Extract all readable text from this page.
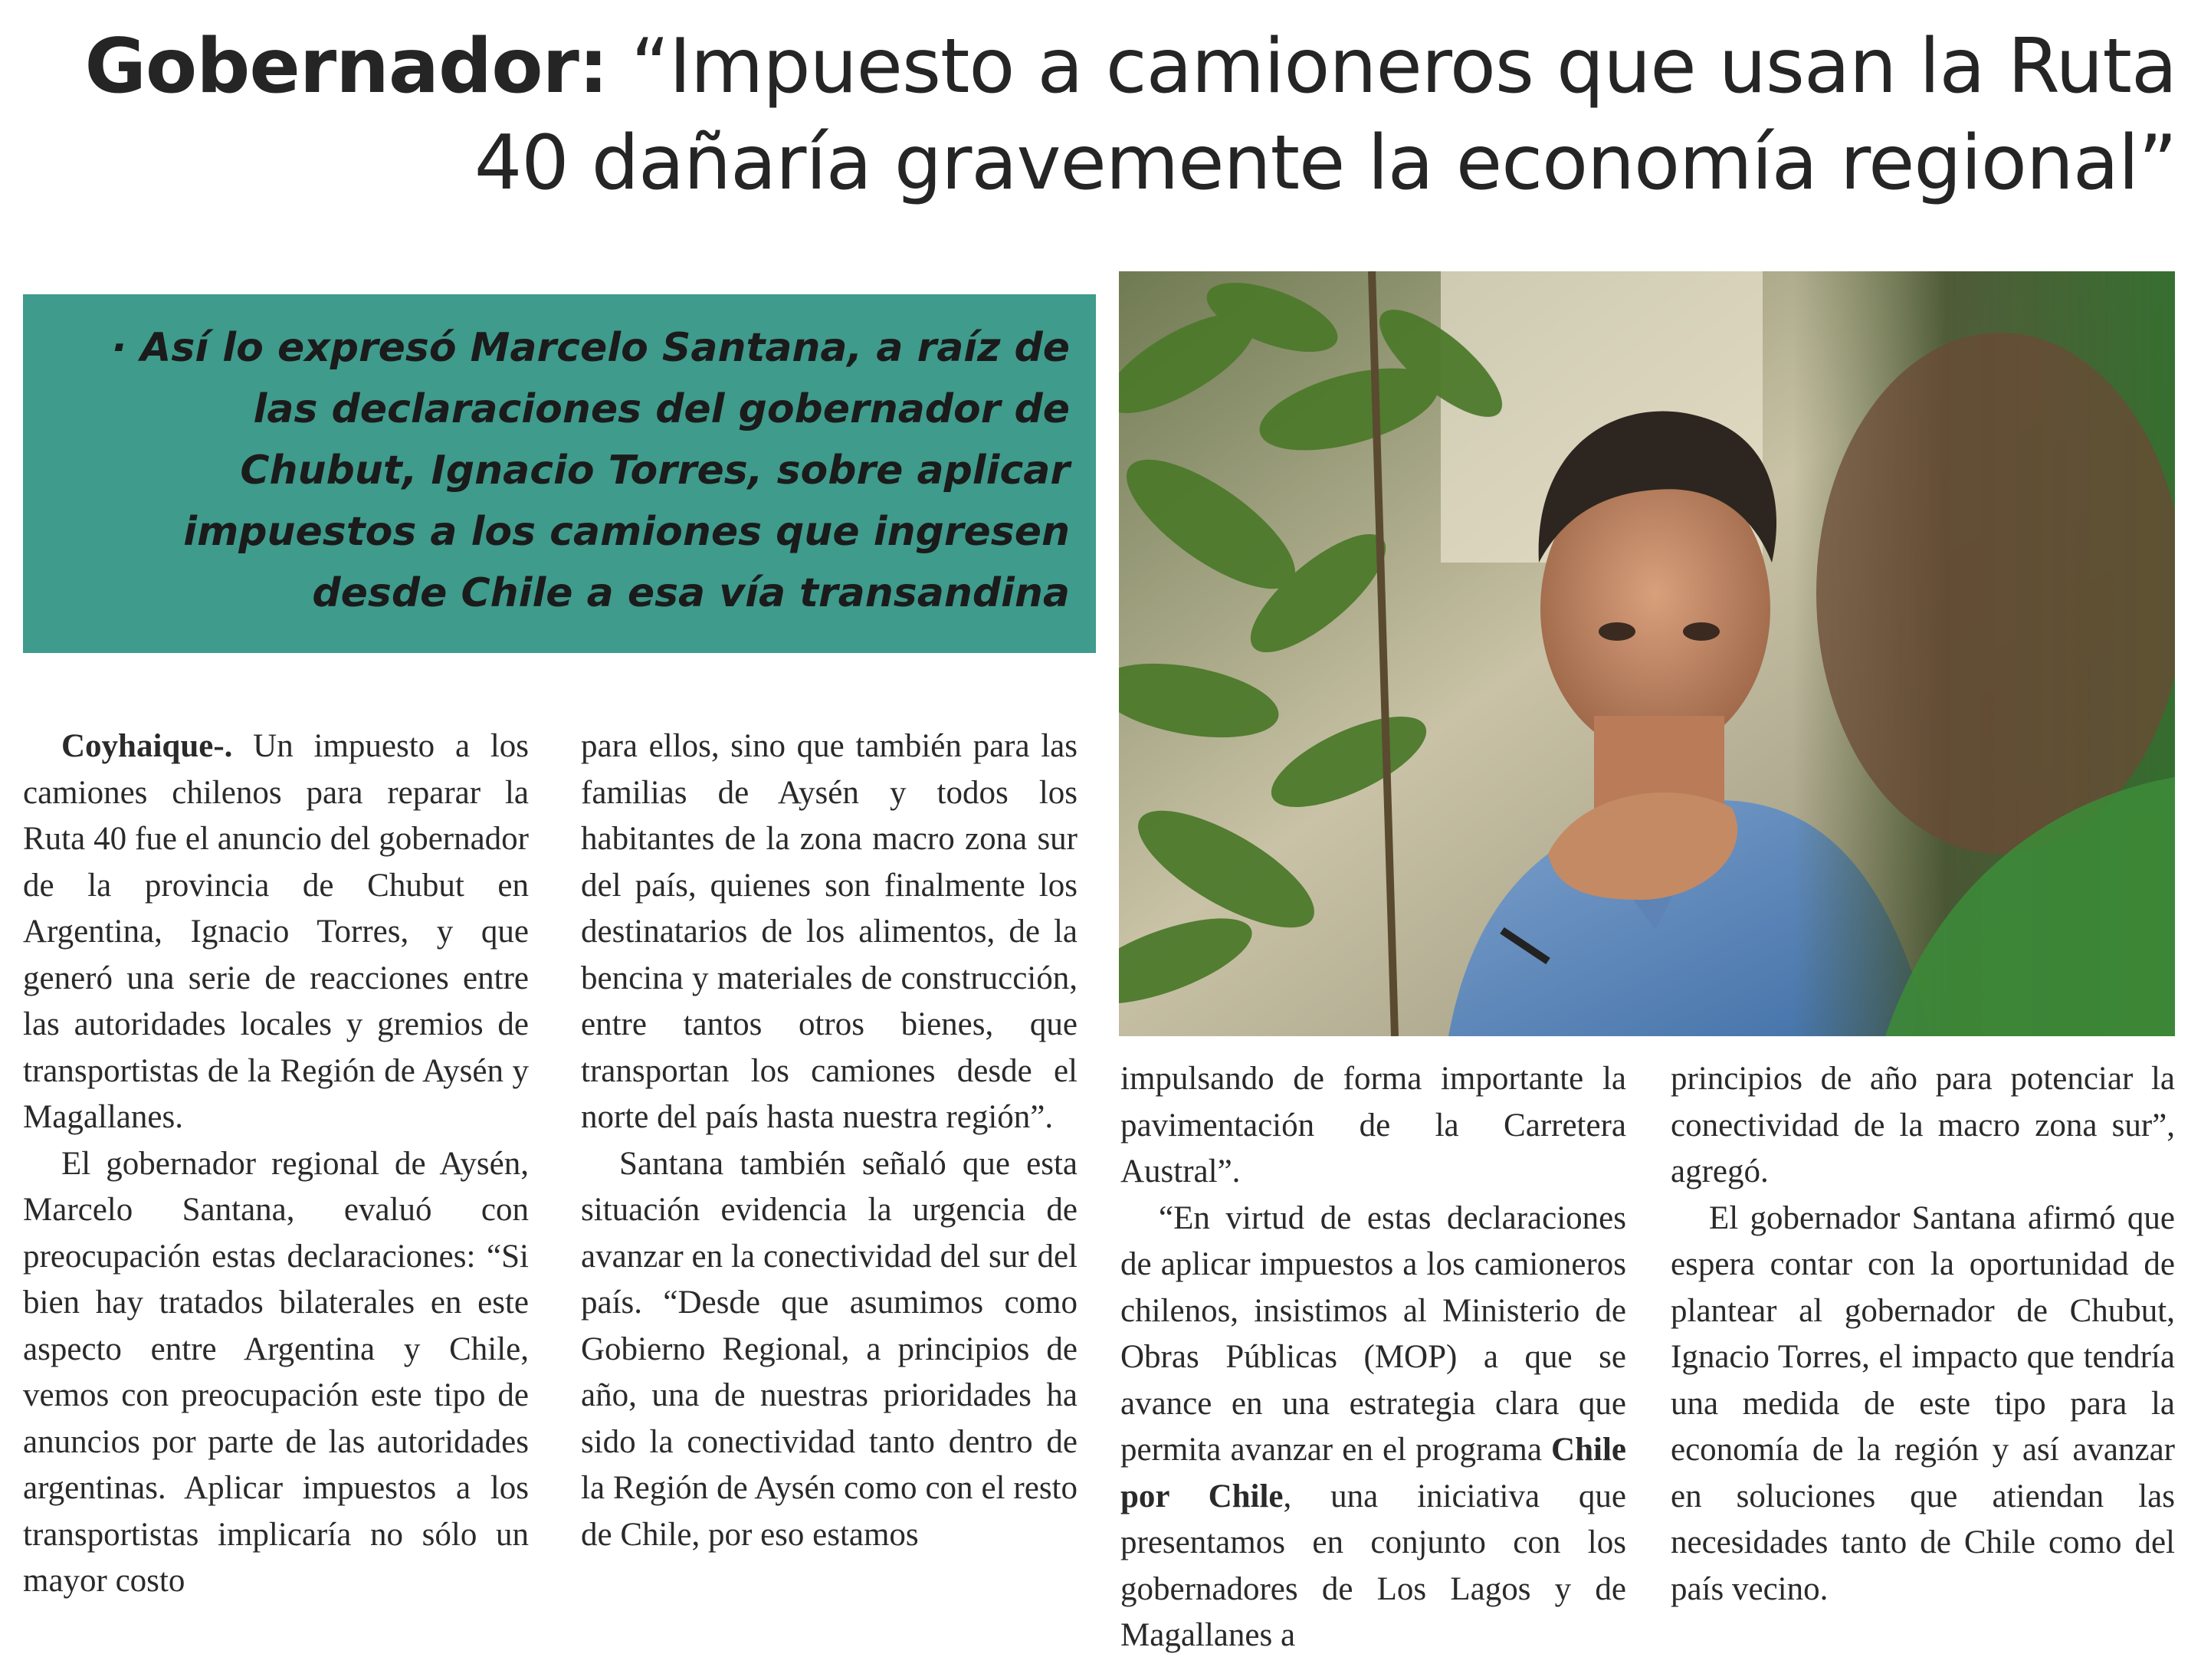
Gobernador: “Impuesto a camioneros que usan la Ruta 40 dañaría gravemente la economía regional”
· Así lo expresó Marcelo Santana, a raíz de las declaraciones del gobernador de Chubut, Ignacio Torres, sobre aplicar impuestos a los camiones que ingresen desde Chile a esa vía transandina

Coyhaique-. Un impuesto a los camiones chilenos para reparar la Ruta 40 fue el anuncio del gobernador de la provincia de Chubut en Argentina, Ignacio Torres, y que generó una serie de reacciones entre las autoridades locales y gremios de transportistas de la Región de Aysén y Magallanes.

El gobernador regional de Aysén, Marcelo Santana, evaluó con preocupación estas declaraciones: “Si bien hay tratados bilaterales en este aspecto entre Argentina y Chile, vemos con preocupación este tipo de anuncios por parte de las autoridades argentinas. Aplicar impuestos a los transportistas implicaría no sólo un mayor costo

para ellos, sino que también para las familias de Aysén y todos los habitantes de la zona macro zona sur del país, quienes son finalmente los destinatarios de los alimentos, de la bencina y materiales de construcción, entre tantos otros bienes, que transportan los camiones desde el norte del país hasta nuestra región”.

Santana también señaló que esta situación evidencia la urgencia de avanzar en la conectividad del sur del país. “Desde que asumimos como Gobierno Regional, a principios de año, una de nuestras prioridades ha sido la conectividad tanto dentro de la Región de Aysén como con el resto de Chile, por eso estamos

impulsando de forma importante la pavimentación de la Carretera Austral”.

“En virtud de estas declaraciones de aplicar impuestos a los camioneros chilenos, insistimos al Ministerio de Obras Públicas (MOP) a que se avance en una estrategia clara que permita avanzar en el programa Chile por Chile, una iniciativa que presentamos en conjunto con los gobernadores de Los Lagos y de Magallanes a

principios de año para potenciar la conectividad de la macro zona sur”, agregó.

El gobernador Santana afirmó que espera contar con la oportunidad de plantear al gobernador de Chubut, Ignacio Torres, el impacto que tendría una medida de este tipo para la economía de la región y así avanzar en soluciones que atiendan las necesidades tanto de Chile como del país vecino.
